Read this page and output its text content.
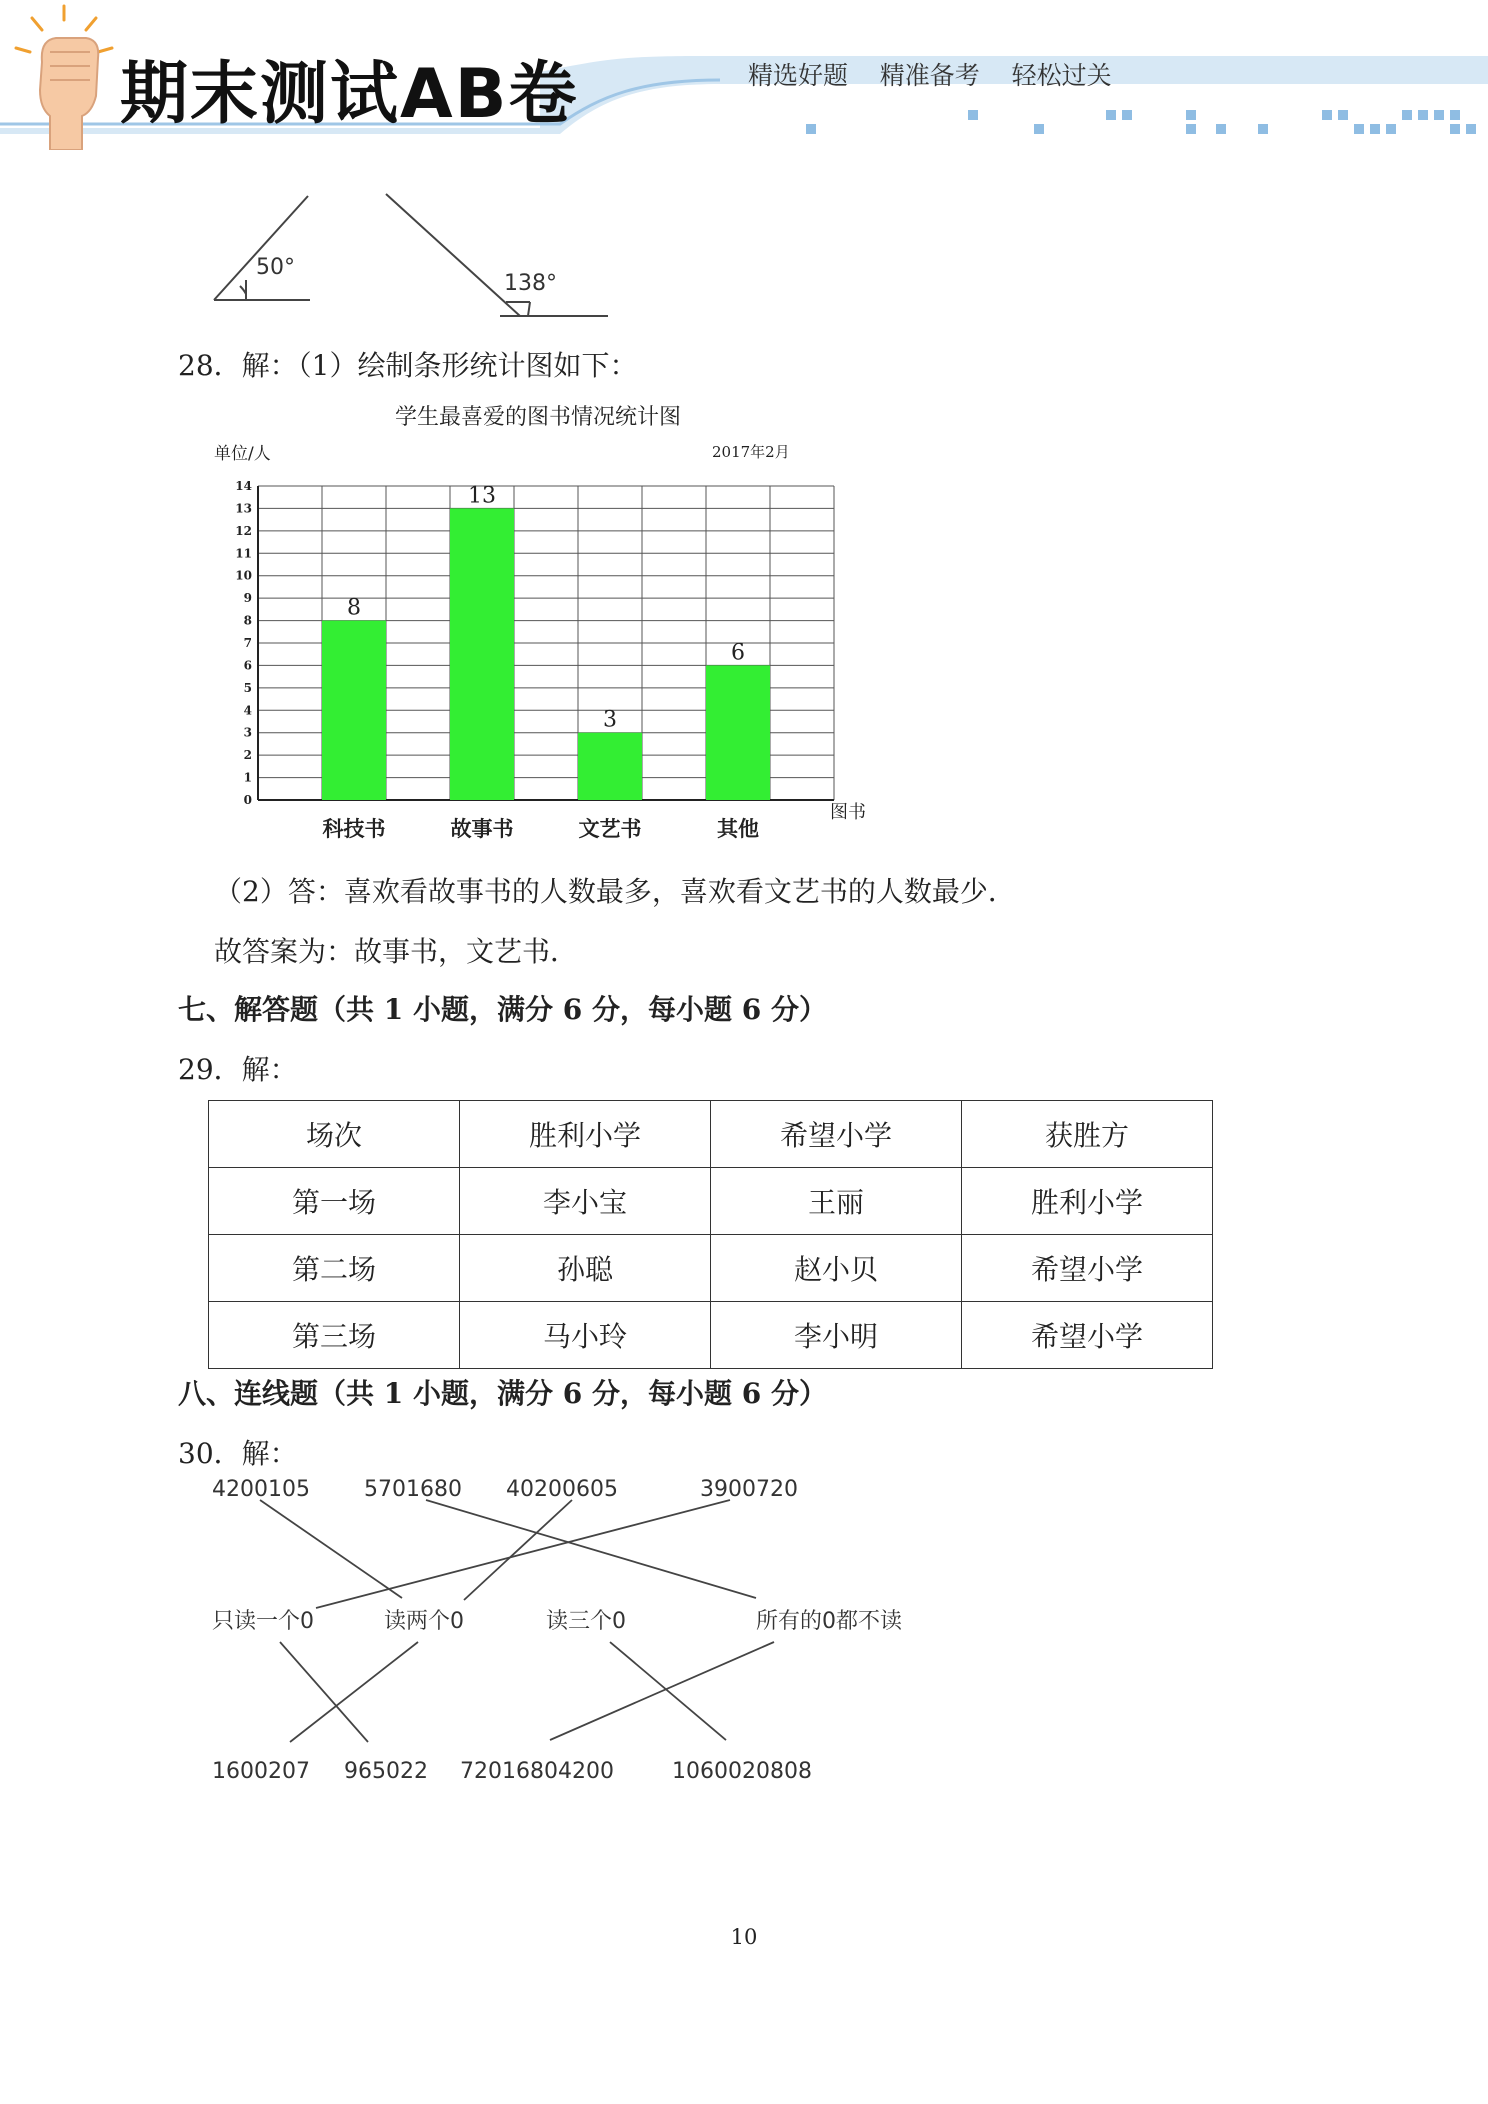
期末测试AB卷	精选好题    精准备考    轻松过关
50°
138°
28．解：（1）绘制条形统计图如下：
学生最喜爱的图书情况统计图
单位/人	2017年2月
图书
0
1
2
3
4
5
6
7
8
9
10
11
12
13
14
8
科技书
13
故事书
3
文艺书
6
其他
（2）答：喜欢看故事书的人数最多，喜欢看文艺书的人数最少．
故答案为：故事书，文艺书．
七、解答题（共 1 小题，满分 6 分，每小题 6 分）
29．解：
场次	胜利小学	希望小学	获胜方
第一场	李小宝	王丽	胜利小学
第二场	孙聪	赵小贝	希望小学
第三场	马小玲	李小明	希望小学
八、连线题（共 1 小题，满分 6 分，每小题 6 分）
30．解：
4200105 5701680 40200605	3900720
只读一个0	读两个0	读三个0	所有的0都不读
1600207 965022 72016804200	1060020808
10
